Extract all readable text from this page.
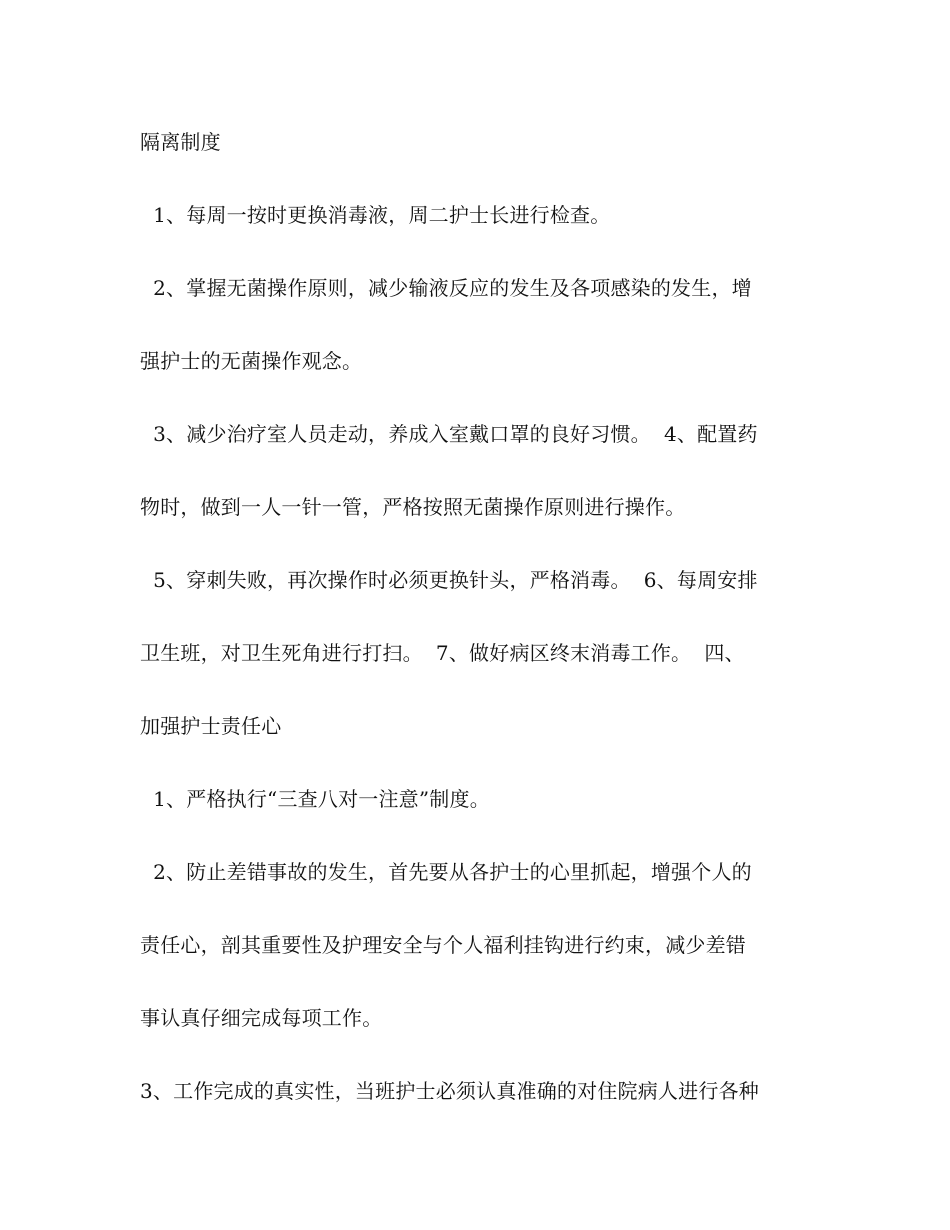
隔离制度
1、每周一按时更换消毒液，周二护士长进行检查。
2、掌握无菌操作原则，减少输液反应的发生及各项感染的发生，增
强护士的无菌操作观念。
3、减少治疗室人员走动，养成入室戴口罩的良好习惯。  4、配置药
物时，做到一人一针一管，严格按照无菌操作原则进行操作。
5、穿刺失败，再次操作时必须更换针头，严格消毒。  6、每周安排
卫生班，对卫生死角进行打扫。  7、做好病区终末消毒工作。  四、
加强护士责任心
1、严格执行“三查八对一注意”制度。
2、防止差错事故的发生，首先要从各护士的心里抓起，增强个人的
责任心，剖其重要性及护理安全与个人福利挂钩进行约束，减少差错
事认真仔细完成每项工作。
3、工作完成的真实性，当班护士必须认真准确的对住院病人进行各种
